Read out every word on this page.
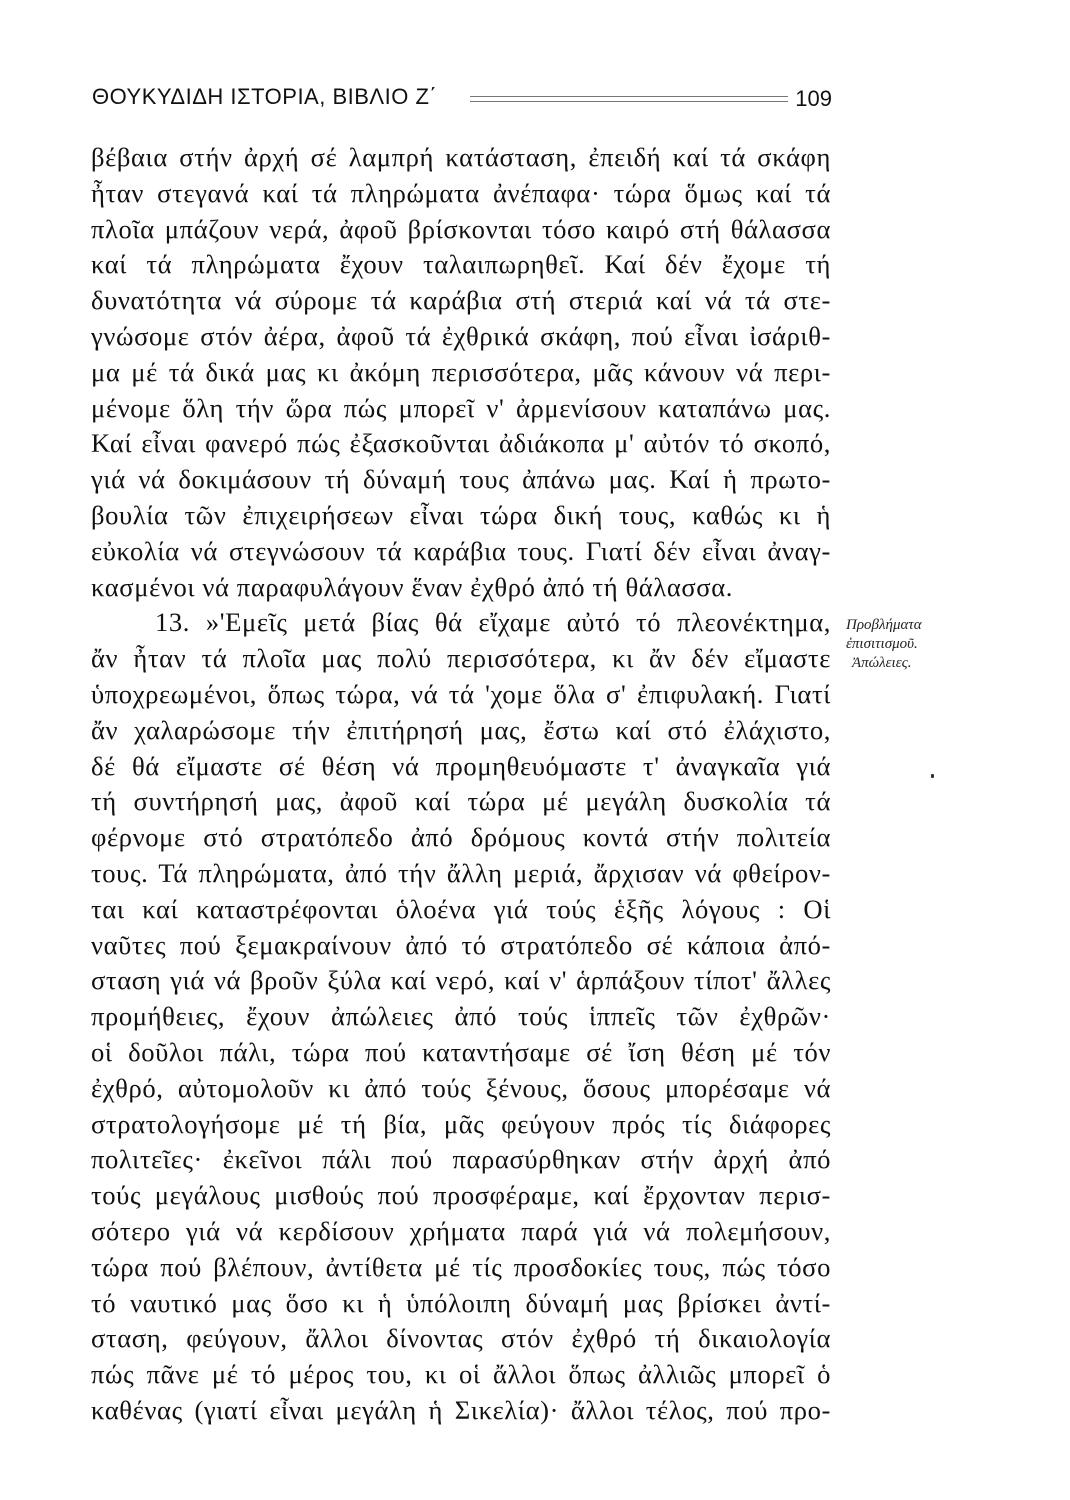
ΘΟΥΚΥΔΙΔΗ ΙΣΤΟΡΙΑ, ΒΙΒΛΙΟ Ζ΄	109
βέβαια στήν ἀρχή σέ λαμπρή κατάσταση, ἐπειδή καί τά σκάφη
ἦταν στεγανά καί τά πληρώματα ἀνέπαφα· τώρα ὅμως καί τά
πλοῖα μπάζουν νερά, ἀφοῦ βρίσκονται τόσο καιρό στή θάλασσα
καί τά πληρώματα ἔχουν ταλαιπωρηθεῖ. Καί δέν ἔχομε τή
δυνατότητα νά σύρομε τά καράβια στή στεριά καί νά τά στε-
γνώσομε στόν ἀέρα, ἀφοῦ τά ἐχθρικά σκάφη, πού εἶναι ἰσάριθ-
μα μέ τά δικά μας κι ἀκόμη περισσότερα, μᾶς κάνουν νά περι-
μένομε ὅλη τήν ὥρα πώς μπορεῖ ν' ἀρμενίσουν καταπάνω μας.
Καί εἶναι φανερό πώς ἐξασκοῦνται ἀδιάκοπα μ' αὐτόν τό σκοπό,
γιά νά δοκιμάσουν τή δύναμή τους ἀπάνω μας. Καί ἡ πρωτο-
βουλία τῶν ἐπιχειρήσεων εἶναι τώρα δική τους, καθώς κι ἡ
εὐκολία νά στεγνώσουν τά καράβια τους. Γιατί δέν εἶναι ἀναγ-
κασμένοι νά παραφυλάγουν ἕναν ἐχθρό ἀπό τή θάλασσα.
13. »'Εμεῖς μετά βίας θά εἴχαμε αὐτό τό πλεονέκτημα,
ἄν ἦταν τά πλοῖα μας πολύ περισσότερα, κι ἄν δέν εἴμαστε
ὑποχρεωμένοι, ὅπως τώρα, νά τά 'χομε ὅλα σ' ἐπιφυλακή. Γιατί
ἄν χαλαρώσομε τήν ἐπιτήρησή μας, ἔστω καί στό ἐλάχιστο,
δέ θά εἴμαστε σέ θέση νά προμηθευόμαστε τ' ἀναγκαῖα γιά
τή συντήρησή μας, ἀφοῦ καί τώρα μέ μεγάλη δυσκολία τά
φέρνομε στό στρατόπεδο ἀπό δρόμους κοντά στήν πολιτεία
τους. Τά πληρώματα, ἀπό τήν ἄλλη μεριά, ἄρχισαν νά φθείρον-
ται καί καταστρέφονται ὁλοένα γιά τούς ἑξῆς λόγους : Οἱ
ναῦτες πού ξεμακραίνουν ἀπό τό στρατόπεδο σέ κάποια ἀπό-
σταση γιά νά βροῦν ξύλα καί νερό, καί ν' ἁρπάξουν τίποτ' ἄλλες
προμήθειες, ἔχουν ἀπώλειες ἀπό τούς ἱππεῖς τῶν ἐχθρῶν·
οἱ δοῦλοι πάλι, τώρα πού καταντήσαμε σέ ἴση θέση μέ τόν
ἐχθρό, αὐτομολοῦν κι ἀπό τούς ξένους, ὅσους μπορέσαμε νά
στρατολογήσομε μέ τή βία, μᾶς φεύγουν πρός τίς διάφορες
πολιτεῖες· ἐκεῖνοι πάλι πού παρασύρθηκαν στήν ἀρχή ἀπό
τούς μεγάλους μισθούς πού προσφέραμε, καί ἔρχονταν περισ-
σότερο γιά νά κερδίσουν χρήματα παρά γιά νά πολεμήσουν,
τώρα πού βλέπουν, ἀντίθετα μέ τίς προσδοκίες τους, πώς τόσο
τό ναυτικό μας ὅσο κι ἡ ὑπόλοιπη δύναμή μας βρίσκει ἀντί-
σταση, φεύγουν, ἄλλοι δίνοντας στόν ἐχθρό τή δικαιολογία
πώς πᾶνε μέ τό μέρος του, κι οἱ ἄλλοι ὅπως ἀλλιῶς μπορεῖ ὁ
καθένας (γιατί εἶναι μεγάλη ἡ Σικελία)· ἄλλοι τέλος, πού προ-
Προβλήματα
ἐπισιτισμοῦ.
Ἀπώλειες.
